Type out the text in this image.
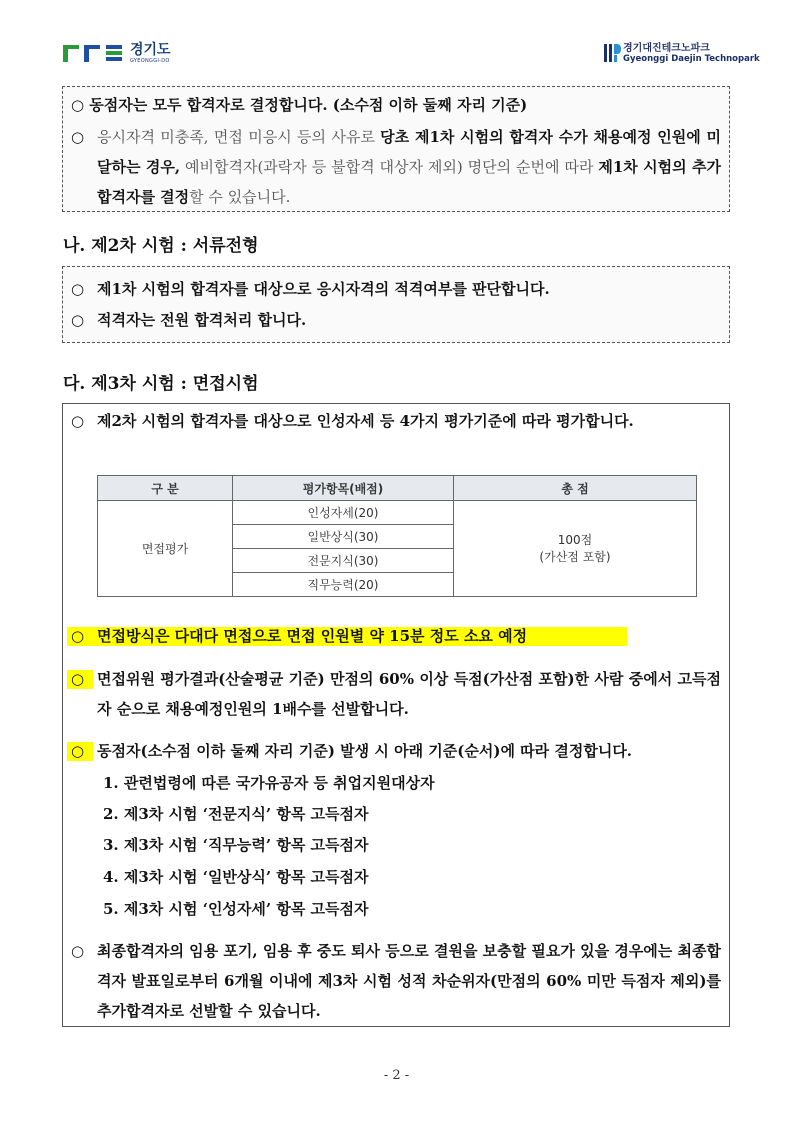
경기도
GYEONGGI-DO
경기대진테크노파크
Gyeonggi Daejin Technopark
○ 동점자는 모두 합격자로 결정합니다. (소수점 이하 둘째 자리 기준)
○ 응시자격 미충족, 면접 미응시 등의 사유로 당초 제1차 시험의 합격자 수가 채용예정 인원에 미달하는 경우, 예비합격자(과락자 등 불합격 대상자 제외) 명단의 순번에 따라 제1차 시험의 추가합격자를 결정할 수 있습니다.
나. 제2차 시험 : 서류전형
○ 제1차 시험의 합격자를 대상으로 응시자격의 적격여부를 판단합니다.
○ 적격자는 전원 합격처리 합니다.
다. 제3차 시험 : 면접시험
○ 제2차 시험의 합격자를 대상으로 인성자세 등 4가지 평가기준에 따라 평가합니다.
구 분	평가항목(배점)	총 점
면접평가	인성자세(20)	100점
(가산점 포함)

	일반상식(30)	
	전문지식(30)	
	직무능력(20)	
○ 면접방식은 다대다 면접으로 면접 인원별 약 15분 정도 소요 예정
○ 면접위원 평가결과(산술평균 기준) 만점의 60% 이상 득점(가산점 포함)한 사람 중에서 고득점자 순으로 채용예정인원의 1배수를 선발합니다.
○ 동점자(소수점 이하 둘째 자리 기준) 발생 시 아래 기준(순서)에 따라 결정합니다.
○ 최종합격자의 임용 포기, 임용 후 중도 퇴사 등으로 결원을 보충할 필요가 있을 경우에는 최종합격자 발표일로부터 6개월 이내에 제3차 시험 성적 차순위자(만점의 60% 미만 득점자 제외)를 추가합격자로 선발할 수 있습니다.
1. 관련법령에 따른 국가유공자 등 취업지원대상자
2. 제3차 시험 ‘전문지식’ 항목 고득점자
3. 제3차 시험 ‘직무능력’ 항목 고득점자
4. 제3차 시험 ‘일반상식’ 항목 고득점자
5. 제3차 시험 ‘인성자세’ 항목 고득점자
- 2 -
